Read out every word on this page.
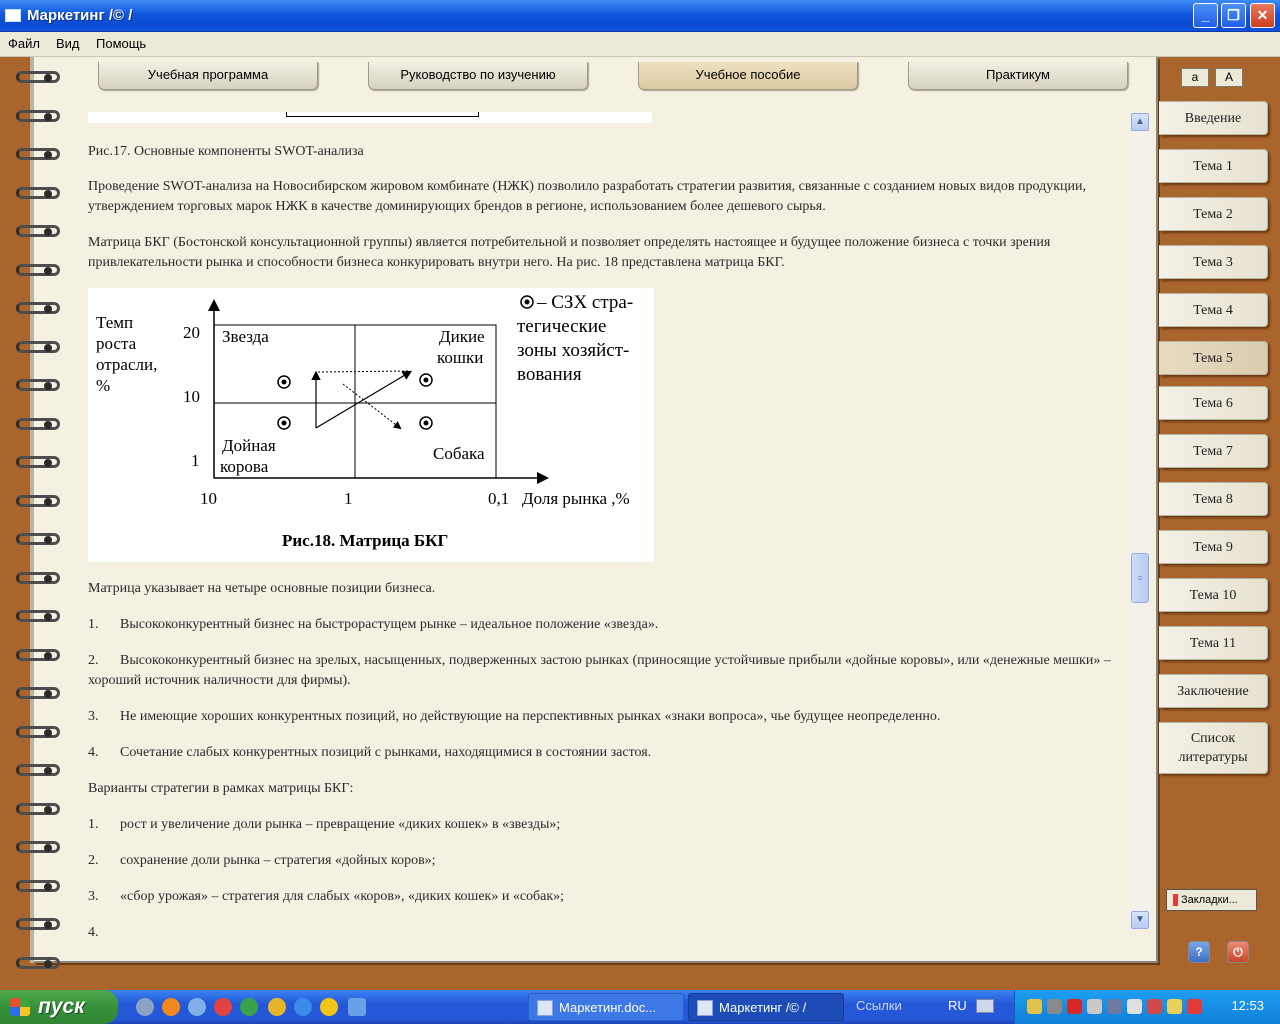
Маркетинг /© /	_	❐	✕
Файл Вид Помощь
Учебная программа	Руководство по изучению	Учебное пособие	Практикум
Рис.17. Основные компоненты SWOT-анализа
Проведение SWOT-анализа на Новосибирском жировом комбинате (НЖК) позволило разработать стратегии развития, связанные с созданием новых видов продукции, утверждением торговых марок НЖК в качестве доминирующих брендов в регионе, использованием более дешевого сырья.
Матрица БКГ (Бостонской консультационной группы) является потребительной и позволяет определять настоящее и будущее положение бизнеса с точки зрения привлекательности рынка и способности бизнеса конкурировать внутри него. На рис. 18 представлена матрица БКГ.
Темп
роста
отрасли,
%
20
10
1
10	1	0,1 Доля рынка ,%
Звезда	Дикие
кошки
Дойная
корова
Собака
– СЗХ стра-
тегические
зоны хозяйст-
вования
Рис.18. Матрица БКГ
Матрица указывает на четыре основные позиции бизнеса.
1. Высококонкурентный бизнес на быстрорастущем рынке – идеальное положение «звезда».
2.	Высококонкурентный бизнес на зрелых, насыщенных, подверженных застою рынках (приносящие устойчивые прибыли «дойные коровы», или «денежные мешки» – хороший источник наличности для фирмы).
3. Не имеющие хороших конкурентных позиций, но действующие на перспективных рынках «знаки вопроса», чье будущее неопределенно.
4. Сочетание слабых конкурентных позиций с рынками, находящимися в состоянии застоя.
Варианты стратегии в рамках матрицы БКГ:
1. рост и увеличение доли рынка – превращение «диких кошек» в «звезды»;
2. сохранение доли рынка – стратегия «дойных коров»;
3. «сбор урожая» – стратегия для слабых «коров», «диких кошек» и «собак»;
4.
▲
≡
▼
a	A
Введение
Тема 1
Тема 2
Тема 3
Тема 4
Тема 5
Тема 6
Тема 7
Тема 8
Тема 9
Тема 10
Тема 11
Заключение
Список литературы
Закладки...
?	⏻
пуск	Маркетинг.doc...	Маркетинг /© /	Ссылки	RU	12:53
